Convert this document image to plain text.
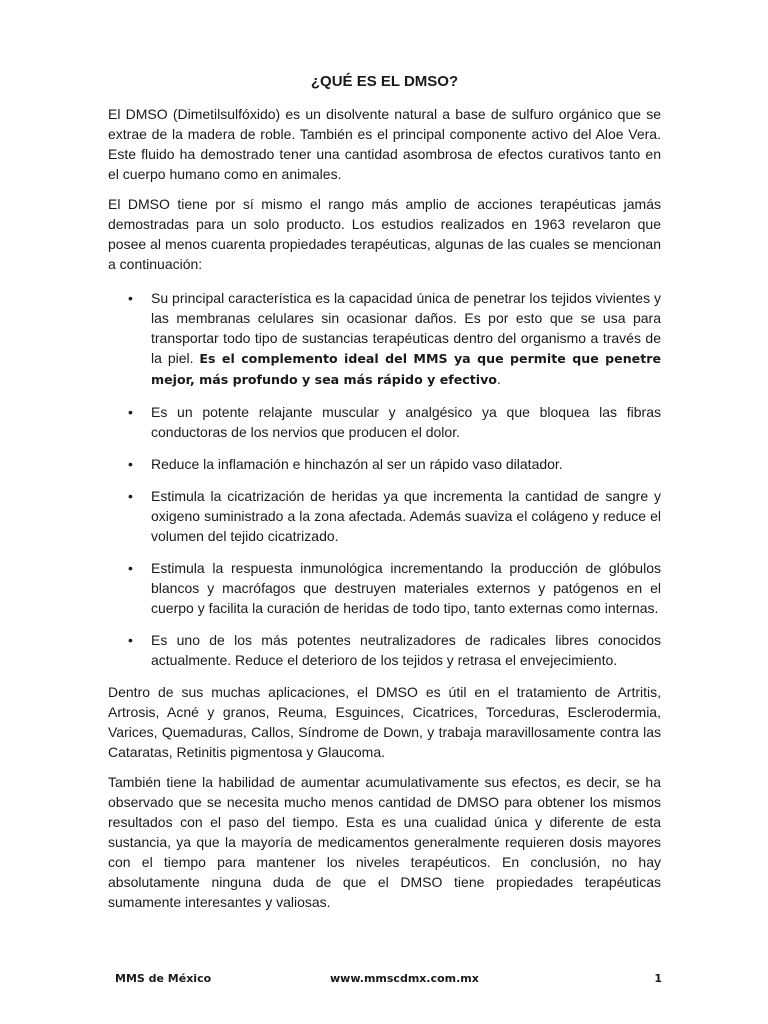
¿QUÉ ES EL DMSO?

El DMSO (Dimetilsulfóxido) es un disolvente natural a base de sulfuro orgánico que se extrae de la madera de roble. También es el principal componente activo del Aloe Vera. Este fluido ha demostrado tener una cantidad asombrosa de efectos curativos tanto en el cuerpo humano como en animales.

El DMSO tiene por sí mismo el rango más amplio de acciones terapéuticas jamás demostradas para un solo producto. Los estudios realizados en 1963 revelaron que posee al menos cuarenta propiedades terapéuticas, algunas de las cuales se mencionan a continuación:

•	Su principal característica es la capacidad única de penetrar los tejidos vivientes y las membranas celulares sin ocasionar daños. Es por esto que se usa para transportar todo tipo de sustancias terapéuticas dentro del organismo a través de la piel. Es el complemento ideal del MMS ya que permite que penetre mejor, más profundo y sea más rápido y efectivo.
•	Es un potente relajante muscular y analgésico ya que bloquea las fibras conductoras de los nervios que producen el dolor.
•	Reduce la inflamación e hinchazón al ser un rápido vaso dilatador.
•	Estimula la cicatrización de heridas ya que incrementa la cantidad de sangre y oxigeno suministrado a la zona afectada. Además suaviza el colágeno y reduce el volumen del tejido cicatrizado.
•	Estimula la respuesta inmunológica incrementando la producción de glóbulos blancos y macrófagos que destruyen materiales externos y patógenos en el cuerpo y facilita la curación de heridas de todo tipo, tanto externas como internas.
•	Es uno de los más potentes neutralizadores de radicales libres conocidos actualmente. Reduce el deterioro de los tejidos y retrasa el envejecimiento.

Dentro de sus muchas aplicaciones, el DMSO es útil en el tratamiento de Artritis, Artrosis, Acné y granos, Reuma, Esguinces, Cicatrices, Torceduras, Esclerodermia, Varices, Quemaduras, Callos, Síndrome de Down, y trabaja maravillosamente contra las Cataratas, Retinitis pigmentosa y Glaucoma.

También tiene la habilidad de aumentar acumulativamente sus efectos, es decir, se ha observado que se necesita mucho menos cantidad de DMSO para obtener los mismos resultados con el paso del tiempo. Esta es una cualidad única y diferente de esta sustancia, ya que la mayoría de medicamentos generalmente requieren dosis mayores con el tiempo para mantener los niveles terapéuticos. En conclusión, no hay absolutamente ninguna duda de que el DMSO tiene propiedades terapéuticas sumamente interesantes y valiosas.

MMS de México	www.mmscdmx.com.mx	1
